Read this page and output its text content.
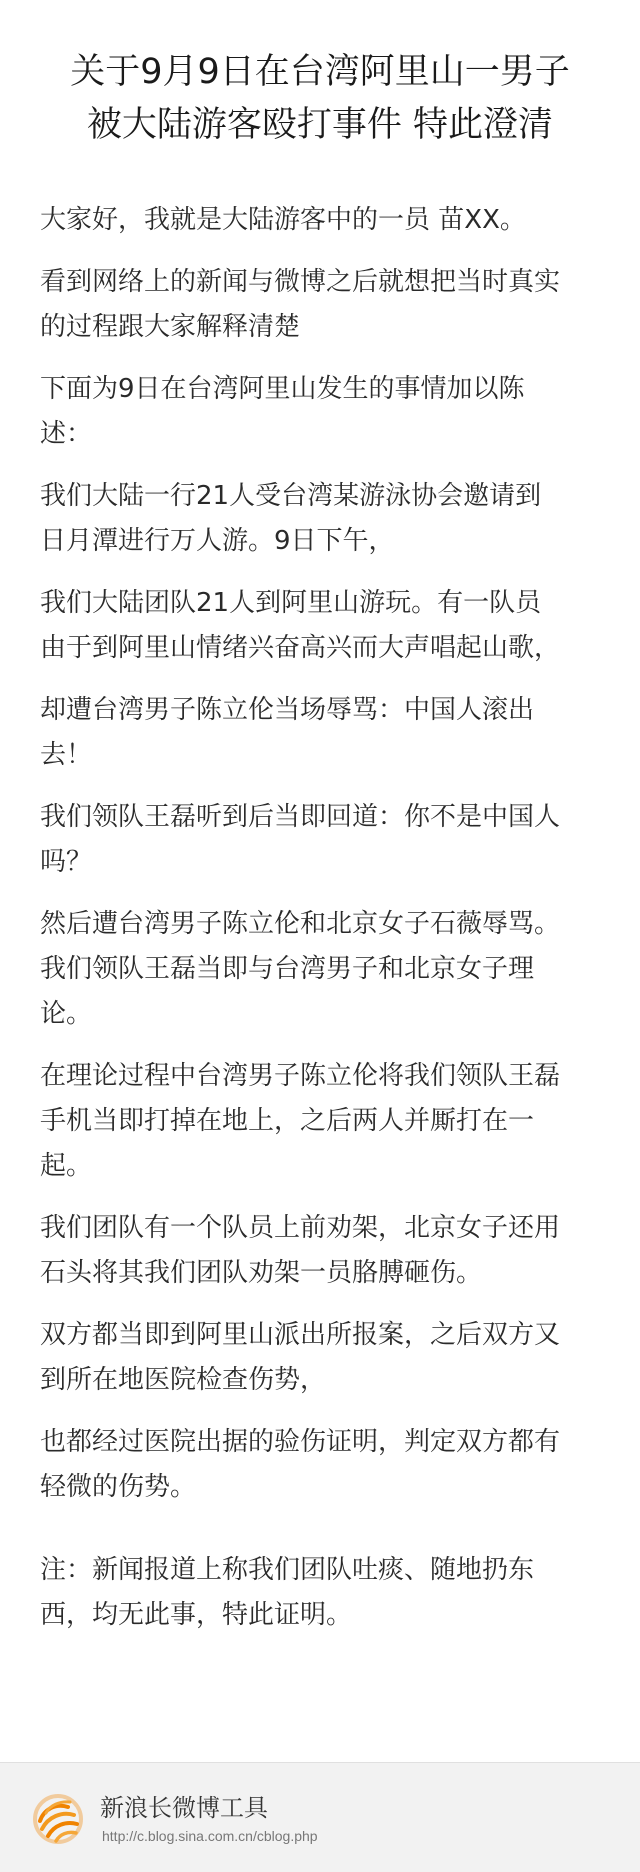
关于9月9日在台湾阿里山一男子
被大陆游客殴打事件 特此澄清

大家好，我就是大陆游客中的一员 苗XX。

看到网络上的新闻与微博之后就想把当时真实
的过程跟大家解释清楚

下面为9日在台湾阿里山发生的事情加以陈
述：

我们大陆一行21人受台湾某游泳协会邀请到
日月潭进行万人游。9日下午，

我们大陆团队21人到阿里山游玩。有一队员
由于到阿里山情绪兴奋高兴而大声唱起山歌，

却遭台湾男子陈立伦当场辱骂：中国人滚出
去！

我们领队王磊听到后当即回道：你不是中国人
吗？

然后遭台湾男子陈立伦和北京女子石薇辱骂。
我们领队王磊当即与台湾男子和北京女子理
论。

在理论过程中台湾男子陈立伦将我们领队王磊
手机当即打掉在地上，之后两人并厮打在一
起。

我们团队有一个队员上前劝架，北京女子还用
石头将其我们团队劝架一员胳膊砸伤。

双方都当即到阿里山派出所报案，之后双方又
到所在地医院检查伤势，

也都经过医院出据的验伤证明，判定双方都有
轻微的伤势。

注：新闻报道上称我们团队吐痰、随地扔东
西，均无此事，特此证明。

新浪长微博工具
http://c.blog.sina.com.cn/cblog.php
